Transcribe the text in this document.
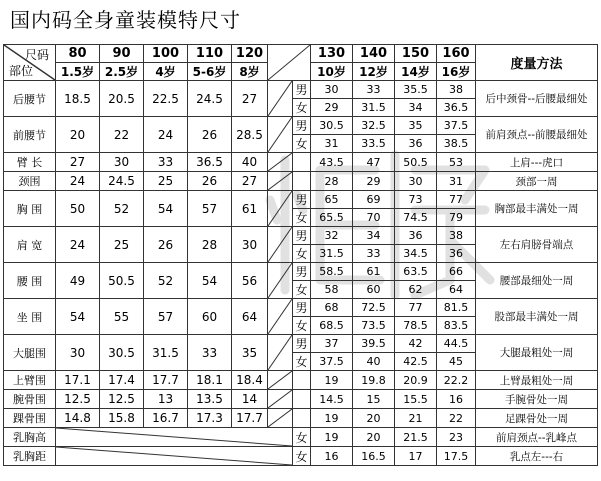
国内码全身童装模特尺寸
尺码
部位	80	90	100	110	120			130	140	150	160	度量方法
	1.5岁	2.5岁	4岁	5-6岁	8岁			10岁	12岁	14岁	16岁	
后腰节	18.5	20.5	22.5	24.5	27		男	30	33	35.5	38	后中颈骨--后腰最细处
							女	29	31.5	34	36.5	
前腰节	20	22	24	26	28.5		男	30.5	32.5	35	37.5	前肩颈点--前腰最细处
							女	31	33.5	36	38.5	
臂 长	27	30	33	36.5	40			43.5	47	50.5	53	上肩---虎口
颈围	24	24.5	25	26	27			28	29	30	31	颈部一周
胸 围	50	52	54	57	61		男	65	69	73	77	胸部最丰满处一周
							女	65.5	70	74.5	79	
肩 宽	24	25	26	28	30		男	32	34	36	38	左右肩膀骨端点
							女	31.5	33	34.5	36	
腰 围	49	50.5	52	54	56		男	58.5	61	63.5	66	腰部最细处一周
							女	58	60	62	64	
坐 围	54	55	57	60	64		男	68	72.5	77	81.5	股部最丰满处一周
							女	68.5	73.5	78.5	83.5	
大腿围	30	30.5	31.5	33	35		男	37	39.5	42	44.5	大腿最粗处一周
							女	37.5	40	42.5	45	
上臂围	17.1	17.4	17.7	18.1	18.4			19	19.8	20.9	22.2	上臂最粗处一周
腕骨围	12.5	12.5	13	13.5	14			14.5	15	15.5	16	手腕骨处一周
踝骨围	14.8	15.8	16.7	17.3	17.7			19	20	21	22	足踝骨处一周
乳胸高							女	19	20	21.5	23	前肩颈点--乳峰点
乳胸距							女	16	16.5	17	17.5	乳点左---右
